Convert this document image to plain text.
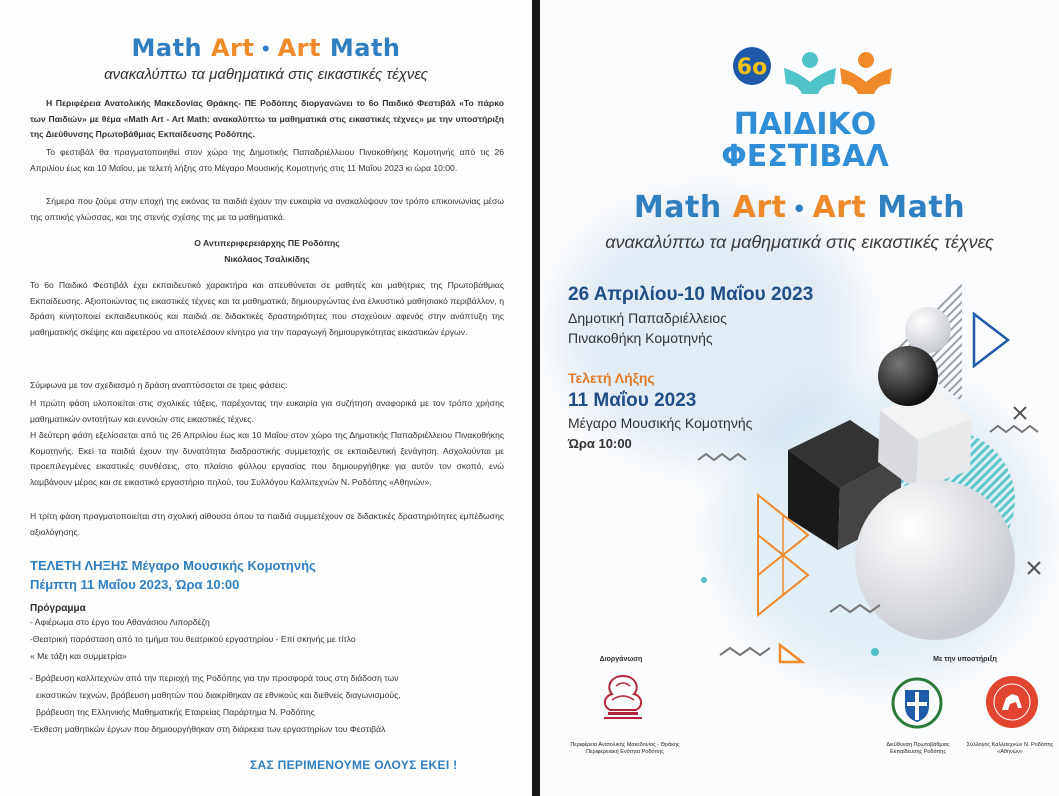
Math Art • Art Math
ανακαλύπτω τα μαθηματικά στις εικαστικές τέχνες
Η Περιφέρεια Ανατολικής Μακεδονίας Θράκης- ΠΕ Ροδόπης διοργανώνει το 6ο Παιδικό Φεστιβάλ «Το πάρκο των Παιδιών» με θέμα «Math Art - Art Math: ανακαλύπτω τα μαθηματικά στις εικαστικές τέχνες» με την υποστήριξη της Διεύθυνσης Πρωτοβάθμιας Εκπαίδευσης Ροδόπης.
Το φεστιβάλ θα πραγματοποιηθεί στον χώρο της Δημοτικής Παπαδριέλλειου Πινακοθήκης Κομοτηνής από τις 26 Απριλίου έως και 10 Μαΐου, με τελετή λήξης στο Μέγαρο Μουσικής Κομοτηνής στις 11 Μαΐου 2023 κι ώρα 10:00.
Σήμερα που ζούμε στην εποχή της εικόνας τα παιδιά έχουν την ευκαιρία να ανακαλύψουν τον τρόπο επικοινωνίας μέσω της οπτικής γλώσσας, και της στενής σχέσης της με τα μαθηματικά.
Ο Αντιπεριφερειάρχης ΠΕ Ροδόπης
Νικόλαος Τσαλικίδης
Το 6ο Παιδικό Φεστιβάλ έχει εκπαιδευτικό χαρακτήρα και απευθύνεται σε μαθητές και μαθήτριες της Πρωτοβάθμιας Εκπαίδευσης. Αξιοποιώντας τις εικαστικές τέχνες και τα μαθηματικά, δημιουργώντας ένα ελκυστικό μαθησιακό περιβάλλον, η δράση κινητοποιεί εκπαιδευτικούς και παιδιά σε διδακτικές δραστηριότητες που στοχεύουν αφενός στην ανάπτυξη της μαθηματικής σκέψης και αφετέρου να αποτελέσουν κίνητρο για την παραγωγή δημιουργικότητας εικαστικών έργων.
Σύμφωνα με τον σχεδιασμό η δράση αναπτύσσεται σε τρεις φάσεις:
Η πρώτη φάση υλοποιείται στις σχολικές τάξεις, παρέχοντας την ευκαιρία για συζήτηση αναφορικά με τον τρόπο χρήσης μαθηματικών οντοτήτων και εννοιών στις εικαστικές τέχνες.
Η δεύτερη φάση εξελίσσεται από τις 26 Απριλίου έως και 10 Μαΐου στον χώρο της Δημοτικής Παπαδριέλλειου Πινακοθήκης Κομοτηνής. Εκεί τα παιδιά έχουν την δυνατότητα διαδραστικής συμμετοχής σε εκπαιδευτική ξενάγηση. Ασχολούνται με προεπιλεγμένες εικαστικές συνθέσεις, στο πλαίσιο φύλλου εργασίας που δημιουργήθηκε για αυτόν τον σκοπό, ενώ λαμβάνουν μέρος και σε εικαστικό εργαστήριο πηλού, του Συλλόγου Καλλιτεχνών Ν. Ροδόπης «Αθηνών».
Η τρίτη φάση πραγματοποιείται στη σχολική αίθουσα όπου τα παιδιά συμμετέχουν σε διδακτικές δραστηριότητες εμπέδωσης αξιολόγησης.
ΤΕΛΕΤΗ ΛΗΞΗΣ Μέγαρο Μουσικής Κομοτηνής
Πέμπτη 11 Μαΐου 2023, Ώρα 10:00
Πρόγραμμα
- Αφιέρωμα στο έργο του Αθανάσιου Λιπορδέζη
-Θεατρική παράσταση από το τμήμα του θεατρικού εργαστηρίου - Επί σκηνής με τίτλο
« Με τάξη και συμμετρία»
- Βράβευση καλλιτεχνών από την περιοχή της Ροδόπης για την προσφορά τους στη διάδοση των
εικαστικών τεχνών, βράβευση μαθητών που διακρίθηκαν σε εθνικούς και διεθνείς διαγωνισμούς,
βράβευση της Ελληνικής Μαθηματικής Εταιρείας Παράρτημα Ν. Ροδόπης
-Έκθεση μαθητικών έργων που δημιουργήθηκαν στη διάρκεια των εργαστηρίων του Φεστιβάλ
ΣΑΣ ΠΕΡΙΜΕΝΟΥΜΕ ΟΛΟΥΣ ΕΚΕΙ !
6ο
ΠΑΙΔΙΚΟ
ΦΕΣΤΙΒΑΛ
Math Art • Art Math
ανακαλύπτω τα μαθηματικά στις εικαστικές τέχνες
26 Απριλίου-10 Μαΐου 2023
Δημοτική Παπαδριέλλειος
Πινακοθήκη Κομοτηνής
Τελετή Λήξης
11 Μαΐου 2023
Μέγαρο Μουσικής Κομοτηνής
Ώρα 10:00
Διοργάνωση	Με την υποστήριξη
Περιφέρεια Ανατολικής Μακεδονίας - Θράκης
Περιφερειακή Ενότητα Ροδόπης
Διεύθυνση Πρωτοβάθμιας
Εκπαίδευσης Ροδόπης
Σύλλογος Καλλιτεχνών Ν. Ροδόπης
«Αθηνών»
